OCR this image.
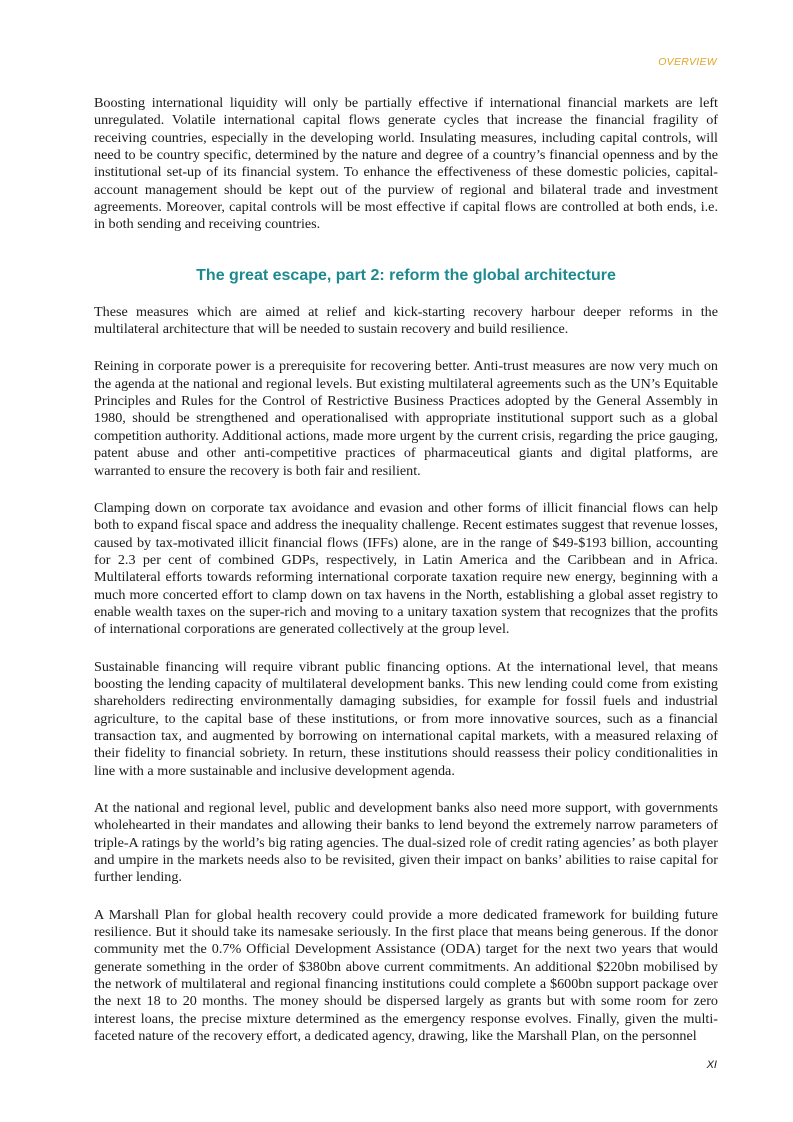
OVERVIEW

Boosting international liquidity will only be partially effective if international financial markets are left unregulated. Volatile international capital flows generate cycles that increase the financial fragility of receiving countries, especially in the developing world. Insulating measures, including capital controls, will need to be country specific, determined by the nature and degree of a country’s financial openness and by the institutional set-up of its financial system. To enhance the effectiveness of these domestic policies, capital-account management should be kept out of the purview of regional and bilateral trade and investment agreements. Moreover, capital controls will be most effective if capital flows are controlled at both ends, i.e. in both sending and receiving countries.

The great escape, part 2: reform the global architecture

These measures which are aimed at relief and kick-starting recovery harbour deeper reforms in the multilateral architecture that will be needed to sustain recovery and build resilience.

Reining in corporate power is a prerequisite for recovering better. Anti-trust measures are now very much on the agenda at the national and regional levels. But existing multilateral agreements such as the UN’s Equitable Principles and Rules for the Control of Restrictive Business Practices adopted by the General Assembly in 1980, should be strengthened and operationalised with appropriate institutional support such as a global competition authority. Additional actions, made more urgent by the current crisis, regarding the price gauging, patent abuse and other anti-competitive practices of pharmaceutical giants and digital platforms, are warranted to ensure the recovery is both fair and resilient.

Clamping down on corporate tax avoidance and evasion and other forms of illicit financial flows can help both to expand fiscal space and address the inequality challenge. Recent estimates suggest that revenue losses, caused by tax-motivated illicit financial flows (IFFs) alone, are in the range of $49-$193 billion, accounting for 2.3 per cent of combined GDPs, respectively, in Latin America and the Caribbean and in Africa. Multilateral efforts towards reforming international corporate taxation require new energy, beginning with a much more concerted effort to clamp down on tax havens in the North, establishing a global asset registry to enable wealth taxes on the super-rich and moving to a unitary taxation system that recognizes that the profits of international corporations are generated collectively at the group level.

Sustainable financing will require vibrant public financing options. At the international level, that means boosting the lending capacity of multilateral development banks. This new lending could come from existing shareholders redirecting environmentally damaging subsidies, for example for fossil fuels and industrial agriculture, to the capital base of these institutions, or from more innovative sources, such as a financial transaction tax, and augmented by borrowing on international capital markets, with a measured relaxing of their fidelity to financial sobriety. In return, these institutions should reassess their policy conditionalities in line with a more sustainable and inclusive development agenda.

At the national and regional level, public and development banks also need more support, with governments wholehearted in their mandates and allowing their banks to lend beyond the extremely narrow parameters of triple-A ratings by the world’s big rating agencies. The dual-sized role of credit rating agencies’ as both player and umpire in the markets needs also to be revisited, given their impact on banks’ abilities to raise capital for further lending.

A Marshall Plan for global health recovery could provide a more dedicated framework for building future resilience. But it should take its namesake seriously. In the first place that means being generous. If the donor community met the 0.7% Official Development Assistance (ODA) target for the next two years that would generate something in the order of $380bn above current commitments. An additional $220bn mobilised by the network of multilateral and regional financing institutions could complete a $600bn support package over the next 18 to 20 months. The money should be dispersed largely as grants but with some room for zero interest loans, the precise mixture determined as the emergency response evolves. Finally, given the multi-faceted nature of the recovery effort, a dedicated agency, drawing, like the Marshall Plan, on the personnel

XI
